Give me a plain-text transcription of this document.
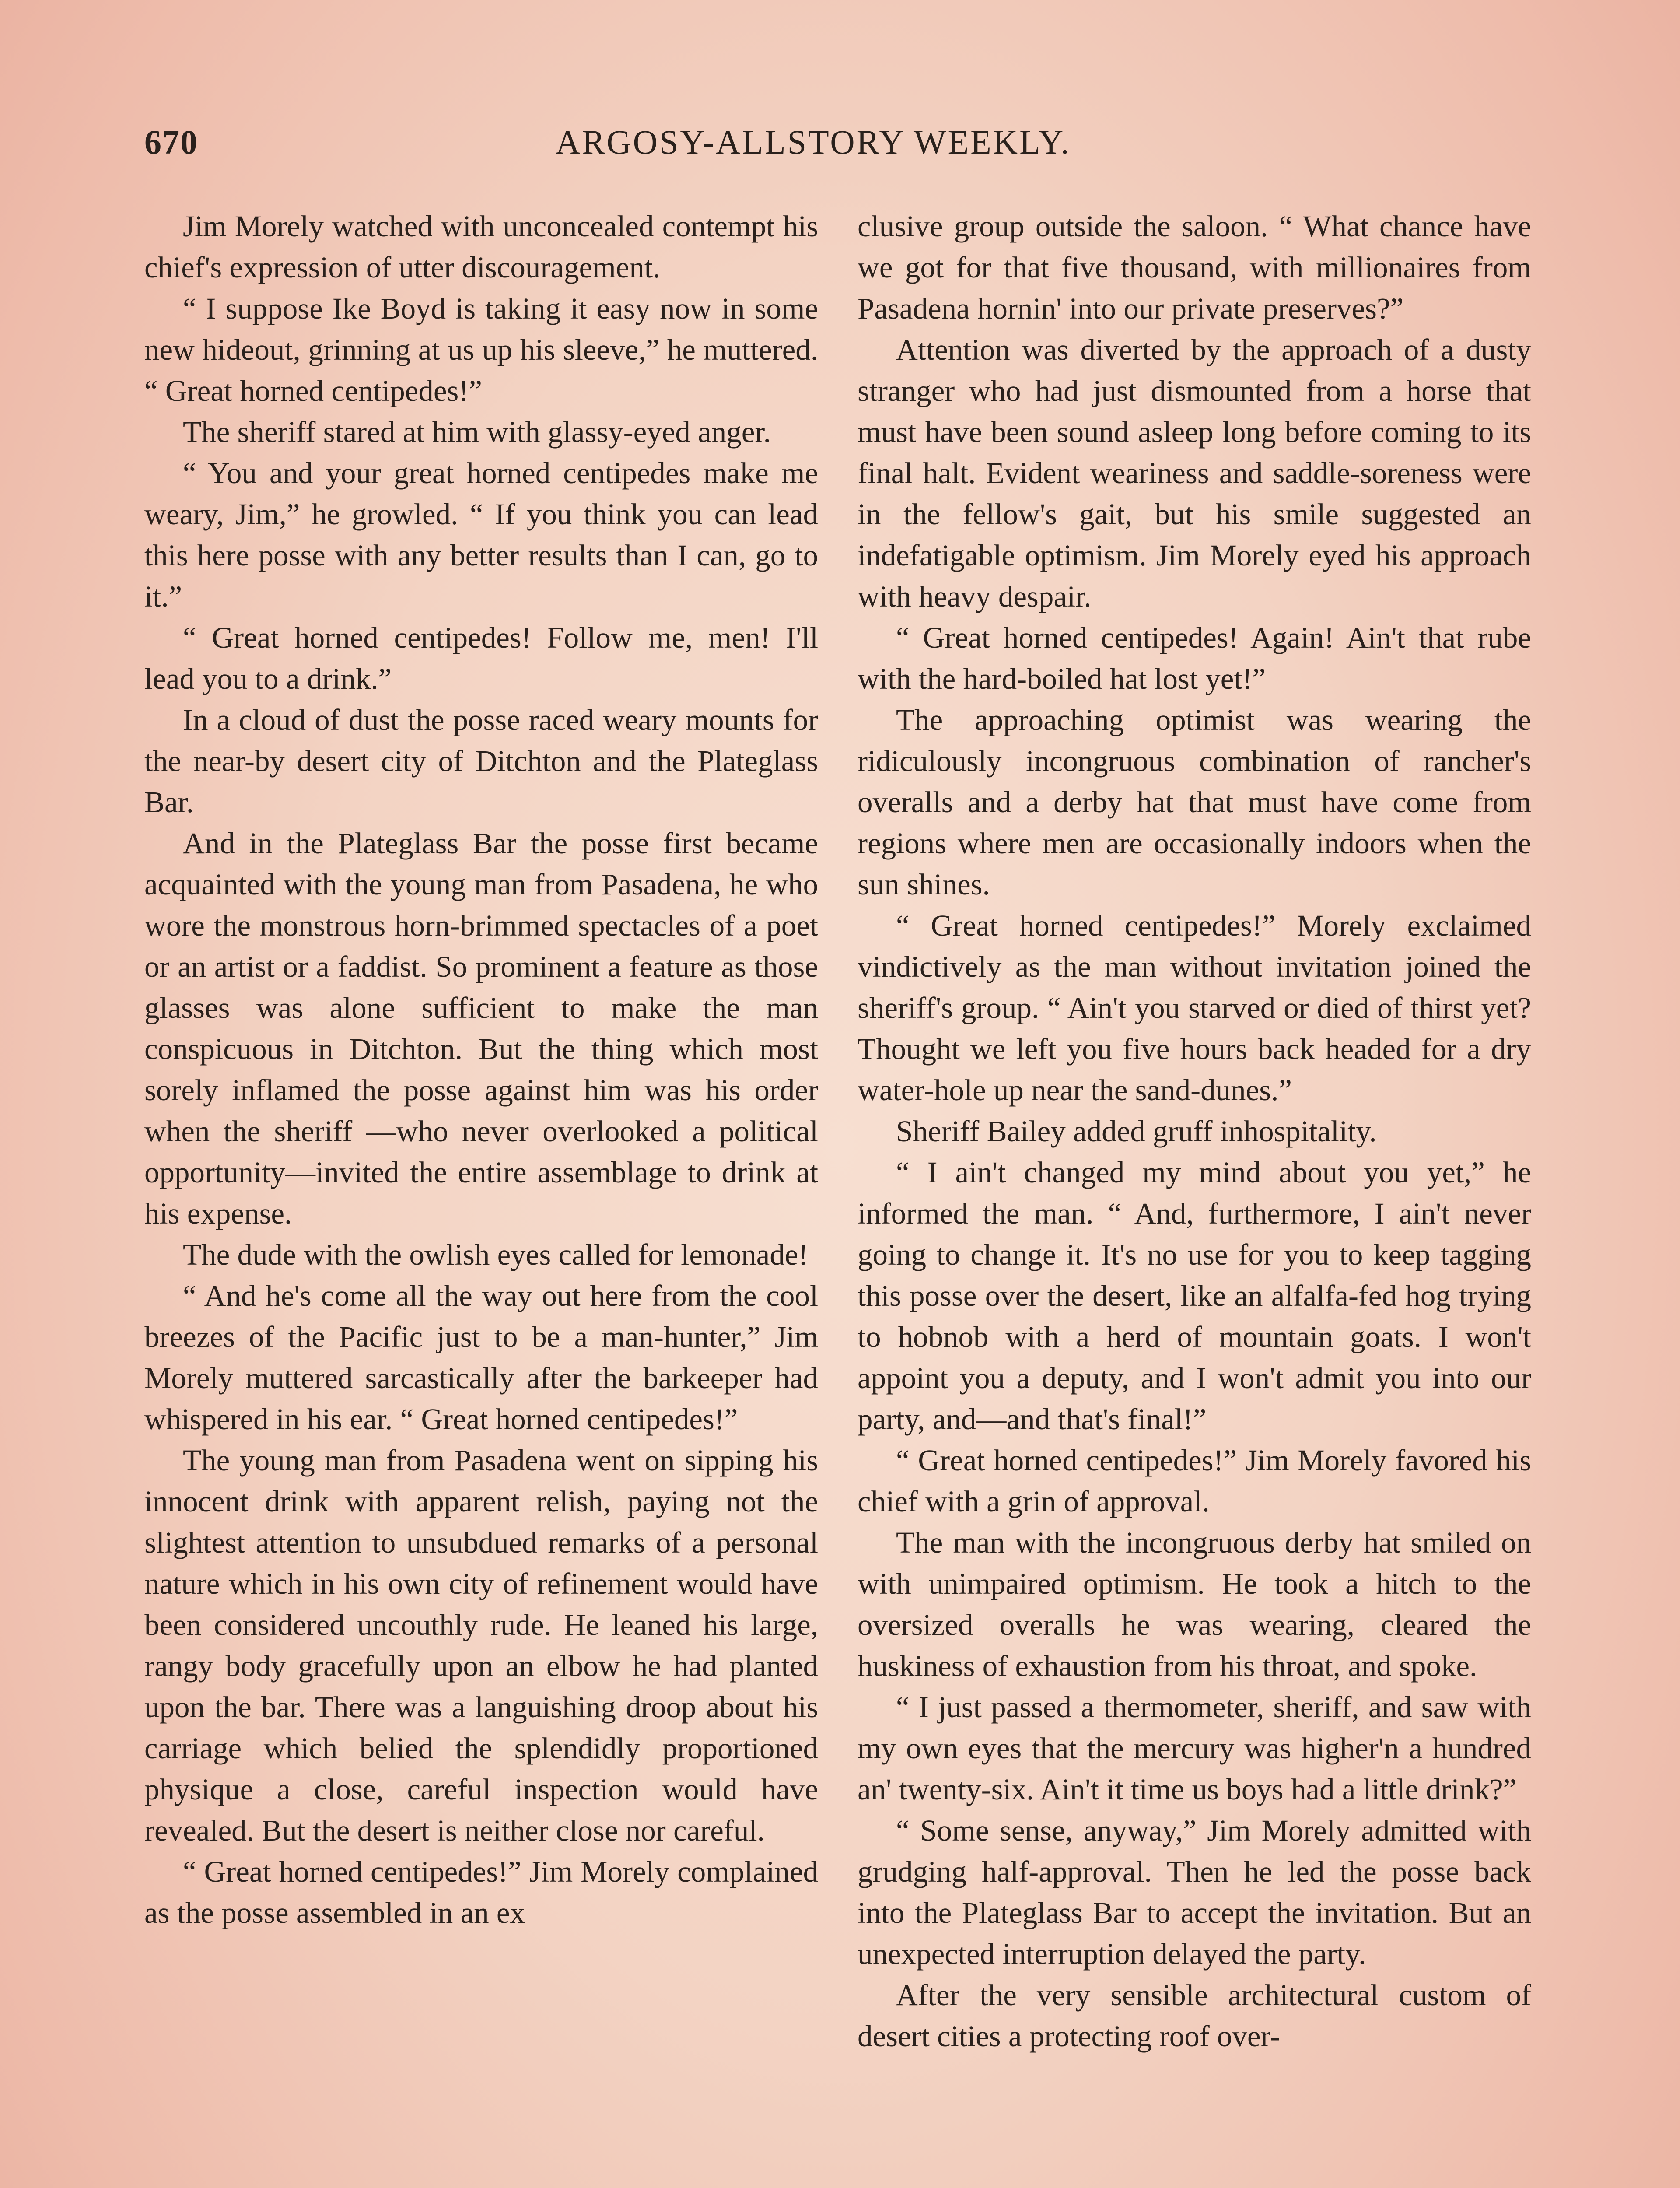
670	ARGOSY-ALLSTORY WEEKLY.

Jim Morely watched with unconcealed contempt his chief's expression of utter discouragement.

“ I suppose Ike Boyd is taking it easy now in some new hideout, grinning at us up his sleeve,” he muttered. “ Great horned centipedes!”

The sheriff stared at him with glassy-eyed anger.

“ You and your great horned centipedes make me weary, Jim,” he growled. “ If you think you can lead this here posse with any better results than I can, go to it.”

“ Great horned centipedes! Follow me, men! I'll lead you to a drink.”

In a cloud of dust the posse raced weary mounts for the near-by desert city of Ditchton and the Plateglass Bar.

And in the Plateglass Bar the posse first became acquainted with the young man from Pasadena, he who wore the monstrous horn-brimmed spectacles of a poet or an artist or a faddist. So prominent a feature as those glasses was alone sufficient to make the man conspicuous in Ditchton. But the thing which most sorely inflamed the posse against him was his order when the sheriff —who never overlooked a political opportunity—invited the entire assemblage to drink at his expense.

The dude with the owlish eyes called for lemonade!

“ And he's come all the way out here from the cool breezes of the Pacific just to be a man-hunter,” Jim Morely muttered sarcastically after the barkeeper had whispered in his ear. “ Great horned centipedes!”

The young man from Pasadena went on sipping his innocent drink with apparent relish, paying not the slightest attention to unsubdued remarks of a personal nature which in his own city of refinement would have been considered uncouthly rude. He leaned his large, rangy body gracefully upon an elbow he had planted upon the bar. There was a languishing droop about his carriage which belied the splendidly proportioned physique a close, careful inspection would have revealed. But the desert is neither close nor careful.

“ Great horned centipedes!” Jim Morely complained as the posse assembled in an ex

clusive group outside the saloon. “ What chance have we got for that five thousand, with millionaires from Pasadena hornin' into our private preserves?”

Attention was diverted by the approach of a dusty stranger who had just dismounted from a horse that must have been sound asleep long before coming to its final halt. Evident weariness and saddle-soreness were in the fellow's gait, but his smile suggested an indefatigable optimism. Jim Morely eyed his approach with heavy despair.

“ Great horned centipedes! Again! Ain't that rube with the hard-boiled hat lost yet!”

The approaching optimist was wearing the ridiculously incongruous combination of rancher's overalls and a derby hat that must have come from regions where men are occasionally indoors when the sun shines.

“ Great horned centipedes!” Morely exclaimed vindictively as the man without invitation joined the sheriff's group. “ Ain't you starved or died of thirst yet? Thought we left you five hours back headed for a dry water-hole up near the sand-dunes.”

Sheriff Bailey added gruff inhospitality.

“ I ain't changed my mind about you yet,” he informed the man. “ And, furthermore, I ain't never going to change it. It's no use for you to keep tagging this posse over the desert, like an alfalfa-fed hog trying to hobnob with a herd of mountain goats. I won't appoint you a deputy, and I won't admit you into our party, and—and that's final!”

“ Great horned centipedes!” Jim Morely favored his chief with a grin of approval.

The man with the incongruous derby hat smiled on with unimpaired optimism. He took a hitch to the oversized overalls he was wearing, cleared the huskiness of exhaustion from his throat, and spoke.

“ I just passed a thermometer, sheriff, and saw with my own eyes that the mercury was higher'n a hundred an' twenty-six. Ain't it time us boys had a little drink?”

“ Some sense, anyway,” Jim Morely admitted with grudging half-approval. Then he led the posse back into the Plateglass Bar to accept the invitation. But an unexpected interruption delayed the party.

After the very sensible architectural custom of desert cities a protecting roof over-
